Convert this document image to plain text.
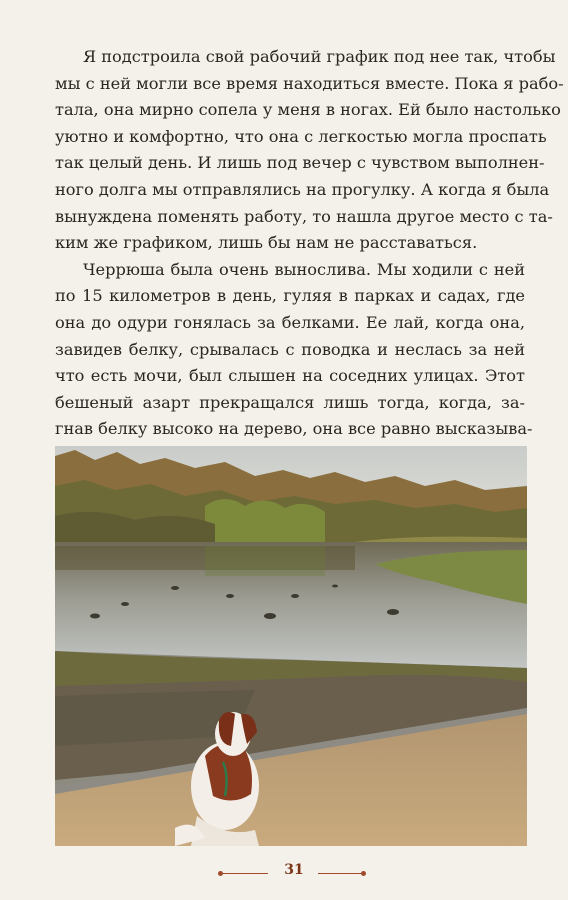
Я подстроила свой рабочий график под нее так, чтобы
мы с ней могли все время находиться вместе. Пока я рабо-
тала, она мирно сопела у меня в ногах. Ей было настолько
уютно и комфортно, что она с легкостью могла проспать
так целый день. И лишь под вечер с чувством выполнен-
ного долга мы отправлялись на прогулку. А когда я была
вынуждена поменять работу, то нашла другое место с та-
ким же графиком, лишь бы нам не расставаться.
Черрюша была очень вынослива. Мы ходили с ней
по 15 километров в день, гуляя в парках и садах, где
она до одури гонялась за белками. Ее лай, когда она,
завидев белку, срывалась с поводка и неслась за ней
что есть мочи, был слышен на соседних улицах. Этот
бешеный азарт прекращался лишь тогда, когда, за-
гнав белку высоко на дерево, она все равно высказыва-
31
